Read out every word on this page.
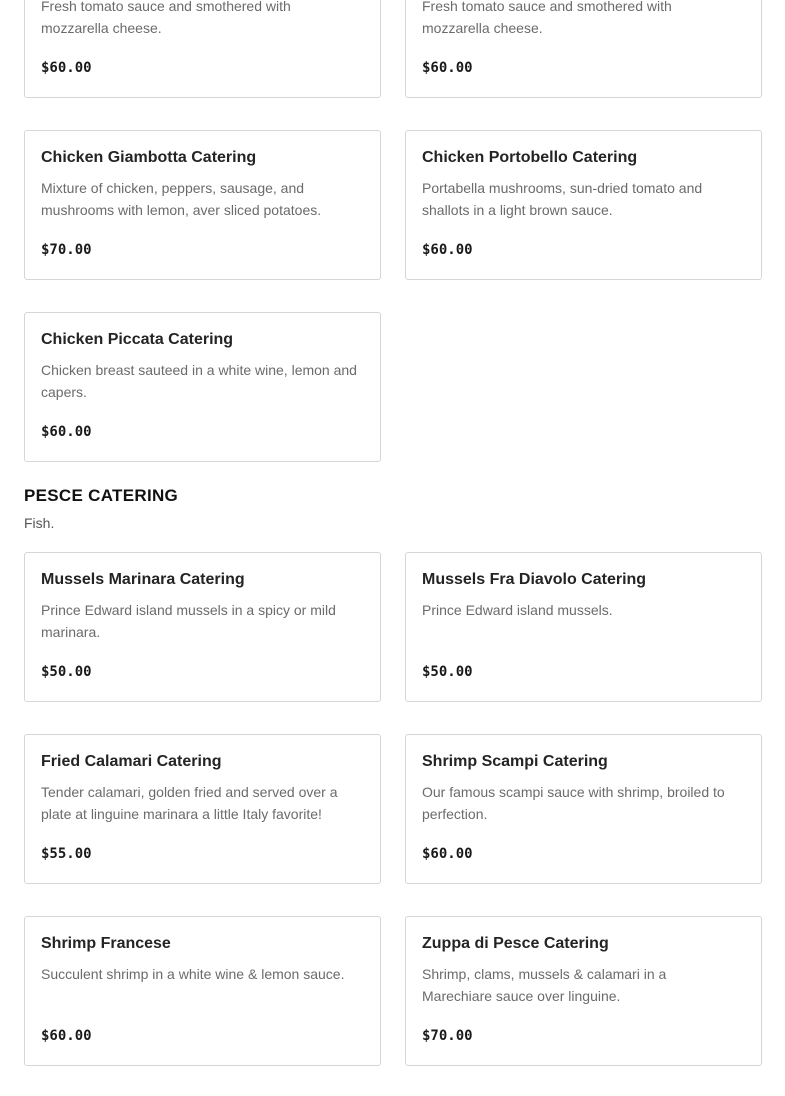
Fresh tomato sauce and smothered with mozzarella cheese.
$60.00
Fresh tomato sauce and smothered with mozzarella cheese.
$60.00
Chicken Giambotta Catering
Mixture of chicken, peppers, sausage, and mushrooms with lemon, aver sliced potatoes.
$70.00
Chicken Portobello Catering
Portabella mushrooms, sun-dried tomato and shallots in a light brown sauce.
$60.00
Chicken Piccata Catering
Chicken breast sauteed in a white wine, lemon and capers.
$60.00
PESCE CATERING
Fish.
Mussels Marinara Catering
Prince Edward island mussels in a spicy or mild marinara.
$50.00
Mussels Fra Diavolo Catering
Prince Edward island mussels.
$50.00
Fried Calamari Catering
Tender calamari, golden fried and served over a plate at linguine marinara a little Italy favorite!
$55.00
Shrimp Scampi Catering
Our famous scampi sauce with shrimp, broiled to perfection.
$60.00
Shrimp Francese
Succulent shrimp in a white wine & lemon sauce.
$60.00
Zuppa di Pesce Catering
Shrimp, clams, mussels & calamari in a Marechiare sauce over linguine.
$70.00
